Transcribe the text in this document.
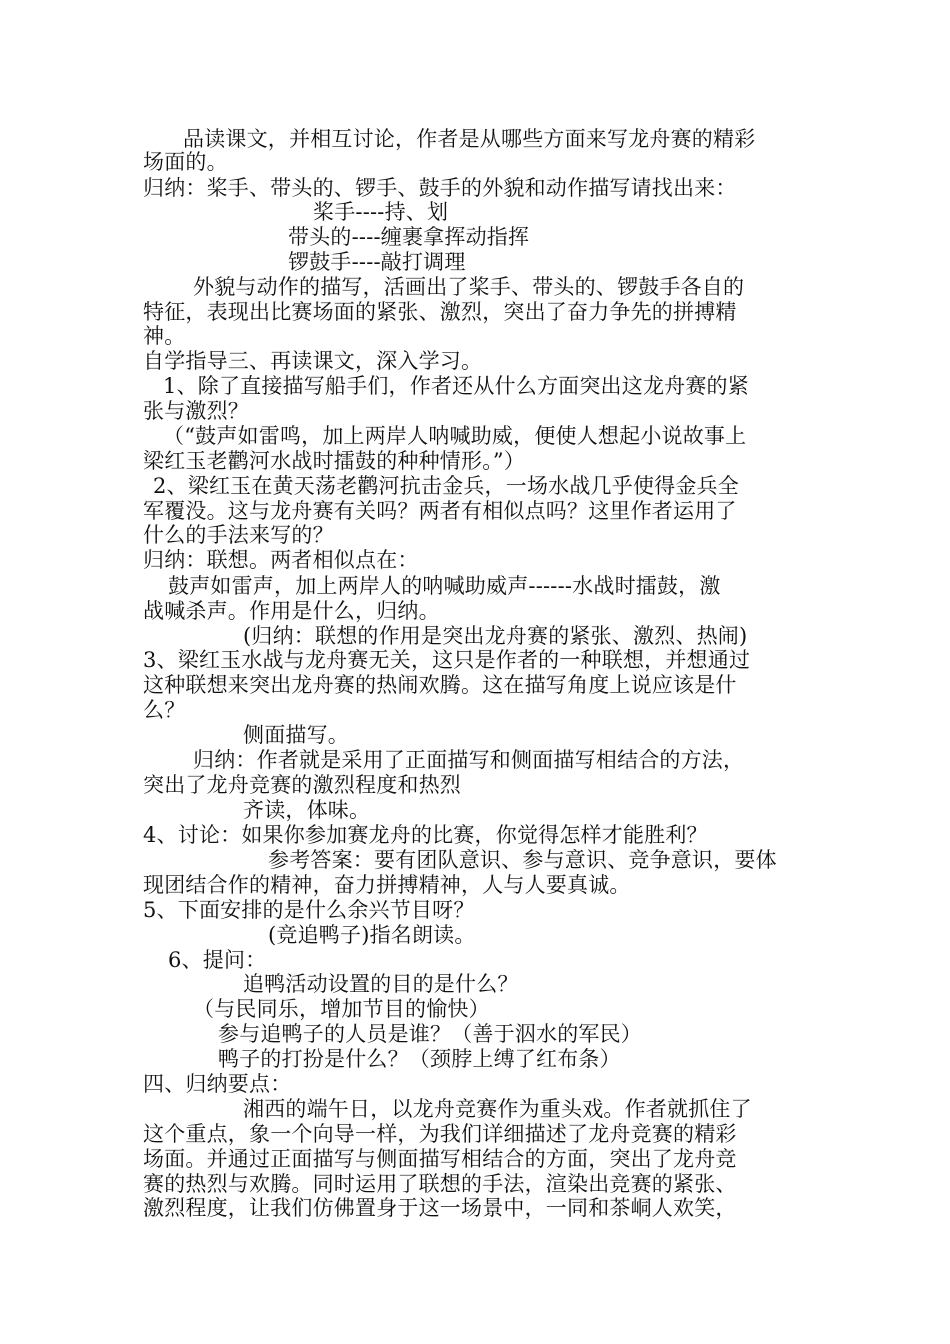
品读课文，并相互讨论，作者是从哪些方面来写龙舟赛的精彩
场面的。
归纳：桨手、带头的、锣手、鼓手的外貌和动作描写请找出来：
桨手----持、划
带头的----缠裹拿挥动指挥
锣鼓手----敲打调理
外貌与动作的描写，活画出了桨手、带头的、锣鼓手各自的
特征，表现出比赛场面的紧张、激烈，突出了奋力争先的拼搏精
神。
自学指导三、再读课文，深入学习。
1、除了直接描写船手们，作者还从什么方面突出这龙舟赛的紧
张与激烈？
（“鼓声如雷鸣，加上两岸人呐喊助威，便使人想起小说故事上
梁红玉老鹳河水战时擂鼓的种种情形。”）
2、梁红玉在黄天荡老鹳河抗击金兵，一场水战几乎使得金兵全
军覆没。这与龙舟赛有关吗？两者有相似点吗？这里作者运用了
什么的手法来写的？
归纳：联想。两者相似点在：
鼓声如雷声，加上两岸人的呐喊助威声------水战时擂鼓，激
战喊杀声。作用是什么，归纳。
(归纳：联想的作用是突出龙舟赛的紧张、激烈、热闹)
3、梁红玉水战与龙舟赛无关，这只是作者的一种联想，并想通过
这种联想来突出龙舟赛的热闹欢腾。这在描写角度上说应该是什
么？
侧面描写。
归纳：作者就是采用了正面描写和侧面描写相结合的方法，
突出了龙舟竞赛的激烈程度和热烈
齐读，体味。
4、讨论：如果你参加赛龙舟的比赛，你觉得怎样才能胜利？
参考答案：要有团队意识、参与意识、竞争意识，要体
现团结合作的精神，奋力拼搏精神，人与人要真诚。
5、下面安排的是什么余兴节目呀？
(竞追鸭子)指名朗读。
6、提问：
追鸭活动设置的目的是什么？
（与民同乐，增加节目的愉快）
参与追鸭子的人员是谁？（善于泅水的军民）
鸭子的打扮是什么？（颈脖上缚了红布条）
四、归纳要点：
湘西的端午日，以龙舟竞赛作为重头戏。作者就抓住了
这个重点，象一个向导一样，为我们详细描述了龙舟竞赛的精彩
场面。并通过正面描写与侧面描写相结合的方面，突出了龙舟竞
赛的热烈与欢腾。同时运用了联想的手法，渲染出竞赛的紧张、
激烈程度，让我们仿佛置身于这一场景中，一同和茶峒人欢笑，
